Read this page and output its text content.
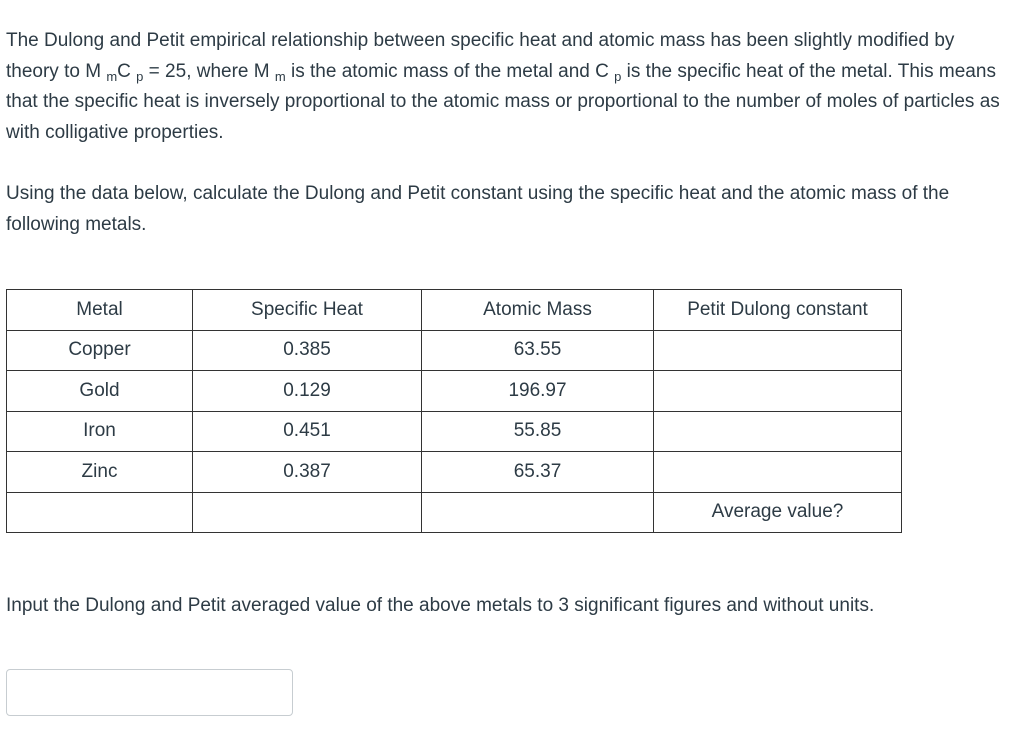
The Dulong and Petit empirical relationship between specific heat and atomic mass has been slightly modified by theory to M $_m$C $_p$ = 25, where M $_m$ is the atomic mass of the metal and C $_p$ is the specific heat of the metal. This means that the specific heat is inversely proportional to the atomic mass or proportional to the number of moles of particles as with colligative properties.

Using the data below, calculate the Dulong and Petit constant using the specific heat and the atomic mass of the following metals.

Metal	Specific Heat	Atomic Mass	Petit Dulong constant
Copper	0.385	63.55	
Gold	0.129	196.97	
Iron	0.451	55.85	
Zinc	0.387	65.37	
			Average value?

Input the Dulong and Petit averaged value of the above metals to 3 significant figures and without units.
